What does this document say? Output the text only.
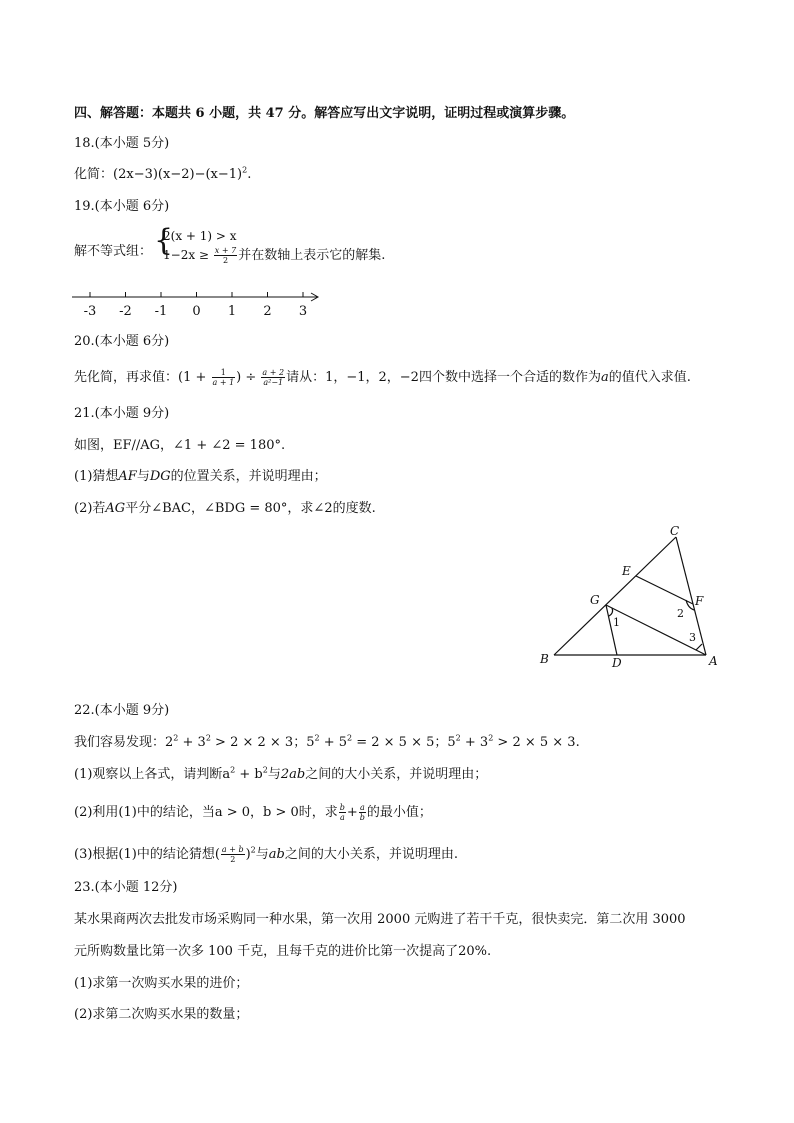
四、解答题：本题共 6 小题，共 47 分。解答应写出文字说明，证明过程或演算步骤。
18.(本小题 5分)
化简：$(2x-3)(x-2)-(x-1)^2$.
19.(本小题 6分)
解不等式组： {
2(x + 1) > x
$1-2x \ge \frac{x + 7}{2}$ 并在数轴上表示它的解集.
-3 -2 -1 0 1 2 3
20.(本小题 6分)
先化简，再求值：($1 + \frac{1}{a + 1}$ ) ÷ $\frac{a + 2}{\text{a²−1}}$ 请从：1，−1，2，−2四个数中选择一个合适的数作为a的值代入求值.
21.(本小题 9分)
如图，EF//AG，∠1 + ∠2 = 180°.
(1)猜想AF与DG的位置关系，并说明理由；
(2)若AG平分∠BAC，∠BDG = 80°，求∠2的度数.
C
E
F
G
B	D	A
1
2
3
22.(本小题 9分)
我们容易发现：$2^2 + 3^2 > 2 \times 2 \times 3$；$5^2 + 5^2 = 2 \times 5 \times 5$；$5^2 + 3^2 > 2 \times 5 \times 3$.
(1)观察以上各式，请判断$a^2 + b^2$与2ab之间的大小关系，并说明理由；
(2)利用(1)中的结论，当a > 0，b > 0时，求 $\frac{b}{a} + \frac{a}{b}$ 的最小值；
(3)根据(1)中的结论猜想( $\frac{a + b}{2} )^2$与ab之间的大小关系，并说明理由.
23.(本小题 12分)
某水果商两次去批发市场采购同一种水果，第一次用 2000 元购进了若干千克，很快卖完．第二次用 3000
元所购数量比第一次多 100 千克，且每千克的进价比第一次提高了20%.
(1)求第一次购买水果的进价；
(2)求第二次购买水果的数量；
